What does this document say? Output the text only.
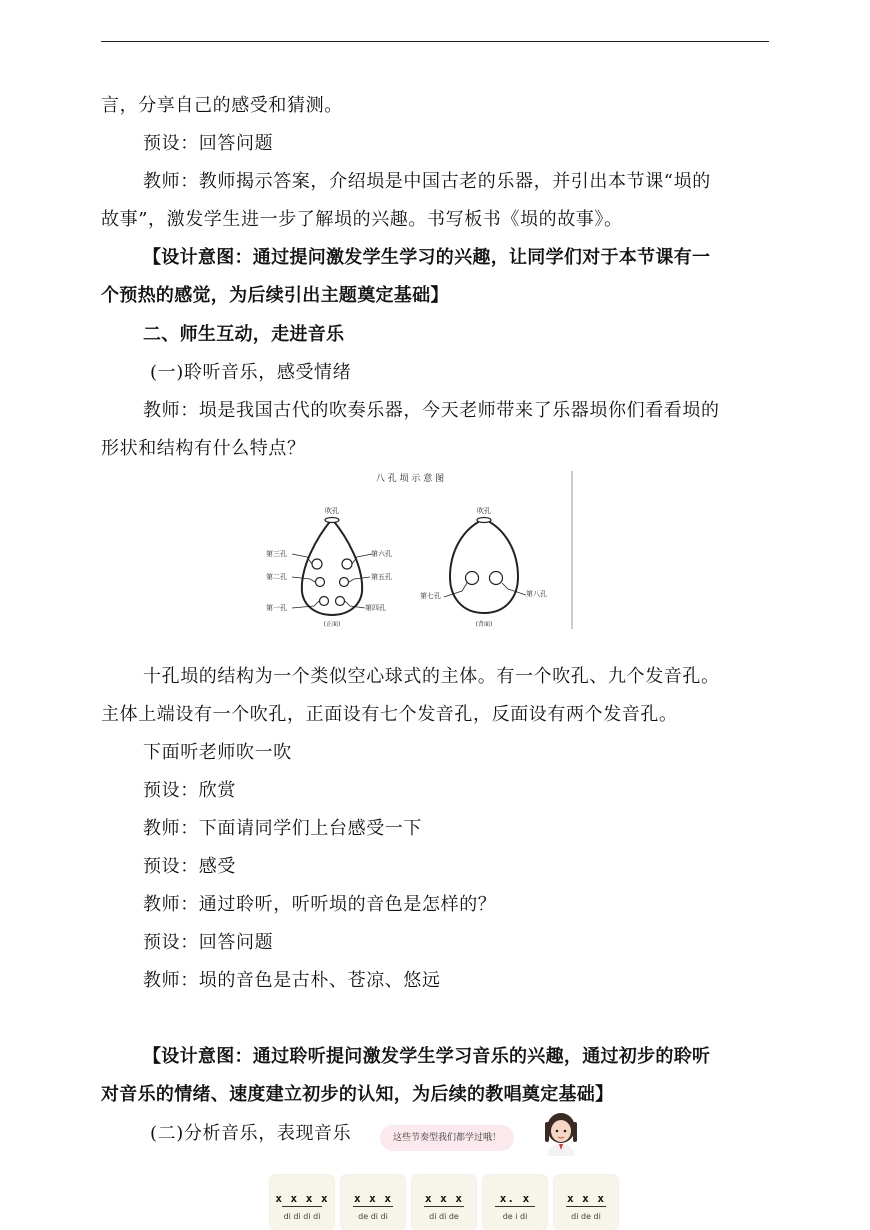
言，分享自己的感受和猜测。
预设：回答问题
教师：教师揭示答案，介绍埙是中国古老的乐器，并引出本节课“埙的
故事”，激发学生进一步了解埙的兴趣。书写板书《埙的故事》。
【设计意图：通过提问激发学生学习的兴趣，让同学们对于本节课有一
个预热的感觉，为后续引出主题奠定基础】
二、师生互动，走进音乐
(一)聆听音乐，感受情绪
教师：埙是我国古代的吹奏乐器，今天老师带来了乐器埙你们看看埙的
形状和结构有什么特点？
八 孔 埙 示 意 图
吹孔
第三孔	第六孔
第二孔	第五孔
第一孔	第四孔
(正面)
吹孔
第七孔	第八孔
(背面)
十孔埙的结构为一个类似空心球式的主体。有一个吹孔、九个发音孔。
主体上端设有一个吹孔，正面设有七个发音孔，反面设有两个发音孔。
下面听老师吹一吹
预设：欣赏
教师：下面请同学们上台感受一下
预设：感受
教师：通过聆听，听听埙的音色是怎样的？
预设：回答问题
教师：埙的音色是古朴、苍凉、悠远
【设计意图：通过聆听提问激发学生学习音乐的兴趣，通过初步的聆听
对音乐的情绪、速度建立初步的认知，为后续的教唱奠定基础】
(二)分析音乐，表现音乐	这些节奏型我们都学过哦！
x x x x
di di di di
x x x
de di di
x x x
di di de
x. x
de i di
x x x
di de di
